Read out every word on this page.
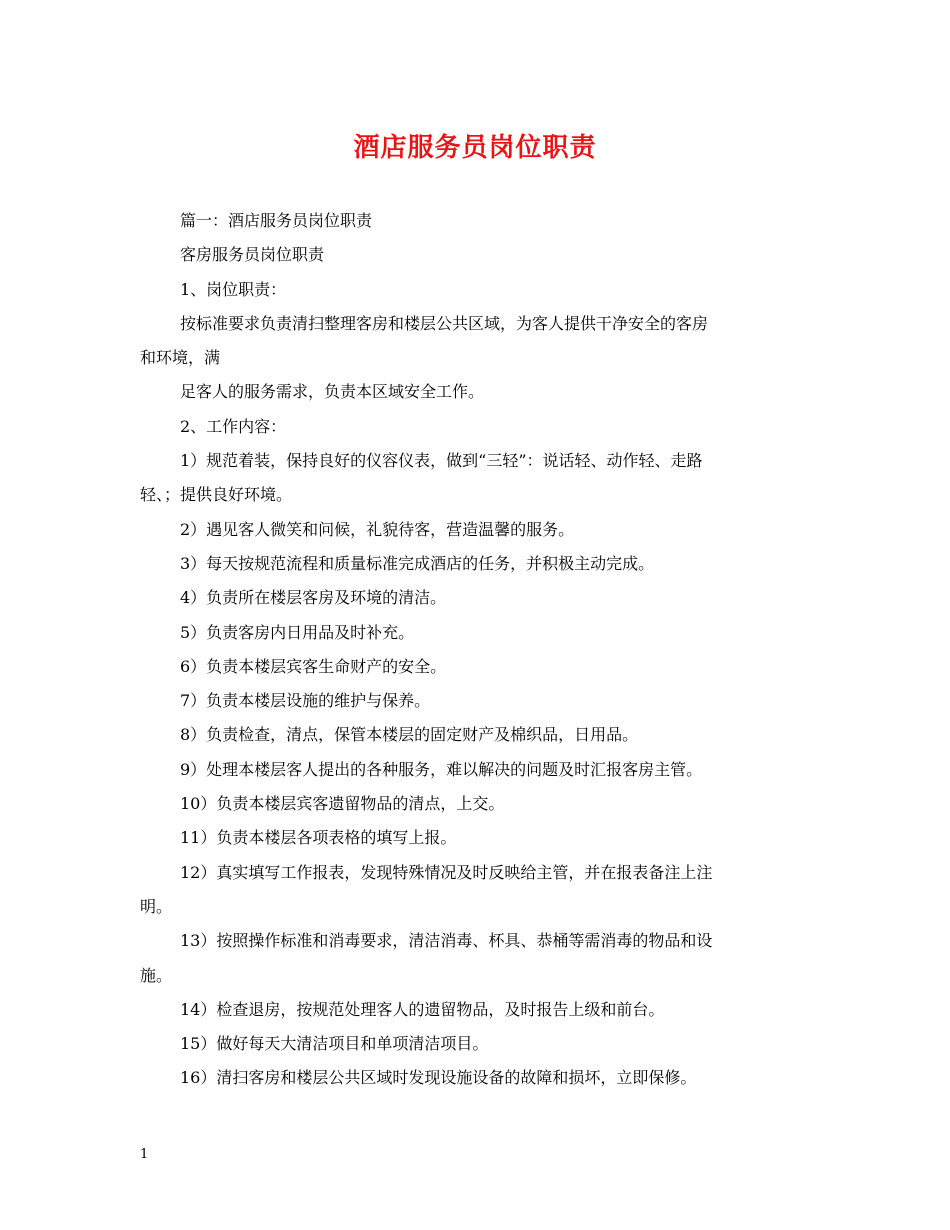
酒店服务员岗位职责

篇一：酒店服务员岗位职责

客房服务员岗位职责

1、岗位职责：

按标准要求负责清扫整理客房和楼层公共区域，为客人提供干净安全的客房
和环境，满

足客人的服务需求，负责本区域安全工作。

2、工作内容：

1）规范着装，保持良好的仪容仪表，做到“三轻”：说话轻、动作轻、走路
轻、；提供良好环境。

2）遇见客人微笑和问候，礼貌待客，营造温馨的服务。

3）每天按规范流程和质量标准完成酒店的任务，并积极主动完成。

4）负责所在楼层客房及环境的清洁。

5）负责客房内日用品及时补充。

6）负责本楼层宾客生命财产的安全。

7）负责本楼层设施的维护与保养。

8）负责检查，清点，保管本楼层的固定财产及棉织品，日用品。

9）处理本楼层客人提出的各种服务，难以解决的问题及时汇报客房主管。

10）负责本楼层宾客遗留物品的清点，上交。

11）负责本楼层各项表格的填写上报。

12）真实填写工作报表，发现特殊情况及时反映给主管，并在报表备注上注
明。
13）按照操作标准和消毒要求，清洁消毒、杯具、恭桶等需消毒的物品和设
施。

14）检查退房，按规范处理客人的遗留物品，及时报告上级和前台。

15）做好每天大清洁项目和单项清洁项目。

16）清扫客房和楼层公共区域时发现设施设备的故障和损坏，立即保修。

1
